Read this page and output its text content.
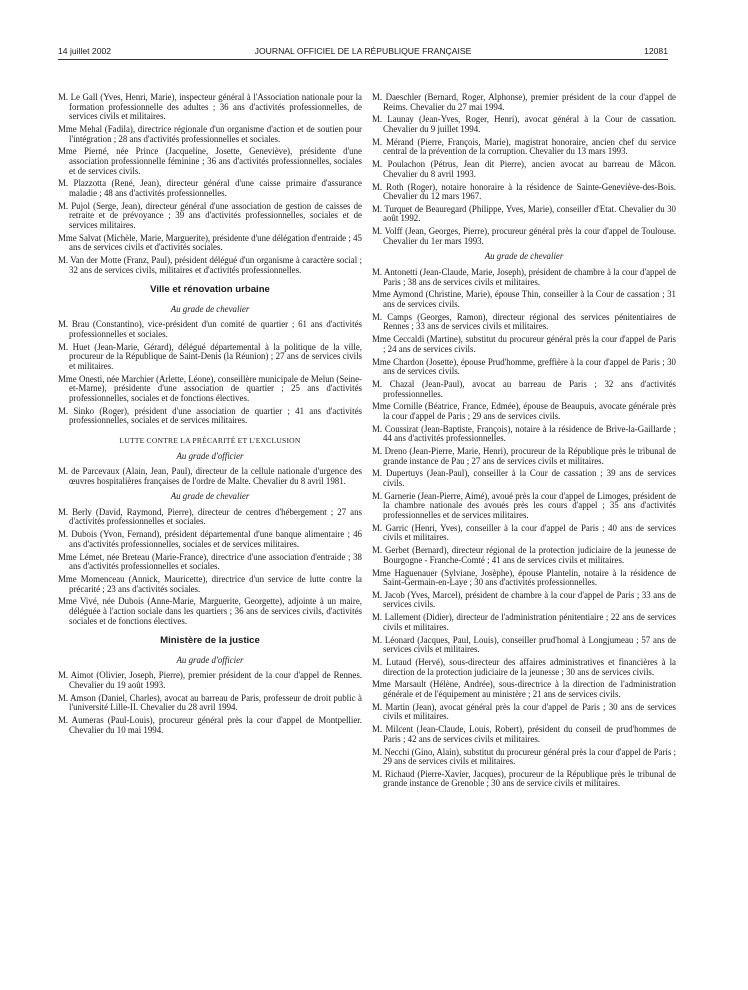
14 juillet 2002	JOURNAL OFFICIEL DE LA RÉPUBLIQUE FRANÇAISE	12081

M. Le Gall (Yves, Henri, Marie), inspecteur général à l'Association nationale pour la formation professionnelle des adultes ; 36 ans d'activités professionnelles, de services civils et militaires.

Mme Mehal (Fadila), directrice régionale d'un organisme d'action et de soutien pour l'intégration ; 28 ans d'activités professionnelles et sociales.

Mme Pierné, née Prince (Jacqueline, Josette, Geneviève), présidente d'une association professionnelle féminine ; 36 ans d'activités professionnelles, sociales et de services civils.

M. Plazzotta (René, Jean), directeur général d'une caisse primaire d'assurance maladie ; 48 ans d'activités professionnelles.

M. Pujol (Serge, Jean), directeur général d'une association de gestion de caisses de retraite et de prévoyance ; 39 ans d'activités professionnelles, sociales et de services militaires.

Mme Salvat (Michèle, Marie, Marguerite), présidente d'une délégation d'entraide ; 45 ans de services civils et d'activités sociales.

M. Van der Motte (Franz, Paul), président délégué d'un organisme à caractère social ; 32 ans de services civils, militaires et d'activités professionnelles.

Ville et rénovation urbaine
Au grade de chevalier

M. Brau (Constantino), vice-président d'un comité de quartier ; 61 ans d'activités professionnelles et sociales.

M. Huet (Jean-Marie, Gérard), délégué départemental à la politique de la ville, procureur de la République de Saint-Denis (la Réunion) ; 27 ans de services civils et militaires.

Mme Onesti, née Marchier (Arlette, Léone), conseillère municipale de Melun (Seine-et-Marne), présidente d'une association de quartier ; 25 ans d'activités professionnelles, sociales et de fonctions électives.

M. Sinko (Roger), président d'une association de quartier ; 41 ans d'activités professionnelles, sociales et de services militaires.

LUTTE CONTRE LA PRÉCARITÉ ET L'EXCLUSION
Au grade d'officier

M. de Parcevaux (Alain, Jean, Paul), directeur de la cellule nationale d'urgence des œuvres hospitalières françaises de l'ordre de Malte. Chevalier du 8 avril 1981.

Au grade de chevalier

M. Berly (David, Raymond, Pierre), directeur de centres d'hébergement ; 27 ans d'activités professionnelles et sociales.

M. Dubois (Yvon, Fernand), président départemental d'une banque alimentaire ; 46 ans d'activités professionnelles, sociales et de services militaires.

Mme Lémet, née Breteau (Marie-France), directrice d'une association d'entraide ; 38 ans d'activités professionnelles et sociales.

Mme Momenceau (Annick, Mauricette), directrice d'un service de lutte contre la précarité ; 23 ans d'activités sociales.

Mme Vivé, née Dubois (Anne-Marie, Marguerite, Georgette), adjointe à un maire, déléguée à l'action sociale dans les quartiers ; 36 ans de services civils, d'activités sociales et de fonctions électives.

Ministère de la justice
Au grade d'officier

M. Aimot (Olivier, Joseph, Pierre), premier président de la cour d'appel de Rennes. Chevalier du 19 août 1993.

M. Amson (Daniel, Charles), avocat au barreau de Paris, professeur de droit public à l'université Lille-II. Chevalier du 28 avril 1994.

M. Aumeras (Paul-Louis), procureur général près la cour d'appel de Montpellier. Chevalier du 10 mai 1994.

M. Daeschler (Bernard, Roger, Alphonse), premier président de la cour d'appel de Reims. Chevalier du 27 mai 1994.

M. Launay (Jean-Yves, Roger, Henri), avocat général à la Cour de cassation. Chevalier du 9 juillet 1994.

M. Mérand (Pierre, François, Marie), magistrat honoraire, ancien chef du service central de la prévention de la corruption. Chevalier du 13 mars 1993.

M. Poulachon (Pétrus, Jean dit Pierre), ancien avocat au barreau de Mâcon. Chevalier du 8 avril 1993.

M. Roth (Roger), notaire honoraire à la résidence de Sainte-Geneviève-des-Bois. Chevalier du 12 mars 1967.

M. Turquet de Beauregard (Philippe, Yves, Marie), conseiller d'Etat. Chevalier du 30 août 1992.

M. Volff (Jean, Georges, Pierre), procureur général près la cour d'appel de Toulouse. Chevalier du 1er mars 1993.

Au grade de chevalier

M. Antonetti (Jean-Claude, Marie, Joseph), président de chambre à la cour d'appel de Paris ; 38 ans de services civils et militaires.

Mme Aymond (Christine, Marie), épouse Thin, conseiller à la Cour de cassation ; 31 ans de services civils.

M. Camps (Georges, Ramon), directeur régional des services pénitentiaires de Rennes ; 33 ans de services civils et militaires.

Mme Ceccaldi (Martine), substitut du procureur général près la cour d'appel de Paris ; 24 ans de services civils.

Mme Chardon (Josette), épouse Prud'homme, greffière à la cour d'appel de Paris ; 30 ans de services civils.

M. Chazal (Jean-Paul), avocat au barreau de Paris ; 32 ans d'activités professionnelles.

Mme Cornille (Béatrice, France, Edmée), épouse de Beaupuis, avocate générale près la cour d'appel de Paris ; 29 ans de services civils.

M. Coussirat (Jean-Baptiste, François), notaire à la résidence de Brive-la-Gaillarde ; 44 ans d'activités professionnelles.

M. Dreno (Jean-Pierre, Marie, Henri), procureur de la République près le tribunal de grande instance de Pau ; 27 ans de services civils et militaires.

M. Dupertuys (Jean-Paul), conseiller à la Cour de cassation ; 39 ans de services civils.

M. Garnerie (Jean-Pierre, Aimé), avoué près la cour d'appel de Limoges, président de la chambre nationale des avoués près les cours d'appel ; 35 ans d'activités professionnelles et de services militaires.

M. Garric (Henri, Yves), conseiller à la cour d'appel de Paris ; 40 ans de services civils et militaires.

M. Gerbet (Bernard), directeur régional de la protection judiciaire de la jeunesse de Bourgogne - Franche-Comté ; 41 ans de services civils et militaires.

Mme Haguenauer (Sylviane, Josèphe), épouse Plantelin, notaire à la résidence de Saint-Germain-en-Laye ; 30 ans d'activités professionnelles.

M. Jacob (Yves, Marcel), président de chambre à la cour d'appel de Paris ; 33 ans de services civils.

M. Lallement (Didier), directeur de l'administration pénitentiaire ; 22 ans de services civils et militaires.

M. Léonard (Jacques, Paul, Louis), conseiller prud'homal à Longjumeau ; 57 ans de services civils et militaires.

M. Lutaud (Hervé), sous-directeur des affaires administratives et financières à la direction de la protection judiciaire de la jeunesse ; 30 ans de services civils.

Mme Marsault (Hélène, Andrée), sous-directrice à la direction de l'administration générale et de l'équipement au ministère ; 21 ans de services civils.

M. Martin (Jean), avocat général près la cour d'appel de Paris ; 30 ans de services civils et militaires.

M. Milcent (Jean-Claude, Louis, Robert), président du conseil de prud'hommes de Paris ; 42 ans de services civils et militaires.

M. Necchi (Gino, Alain), substitut du procureur général près la cour d'appel de Paris ; 29 ans de services civils et militaires.

M. Richaud (Pierre-Xavier, Jacques), procureur de la République près le tribunal de grande instance de Grenoble ; 30 ans de service civils et militaires.
